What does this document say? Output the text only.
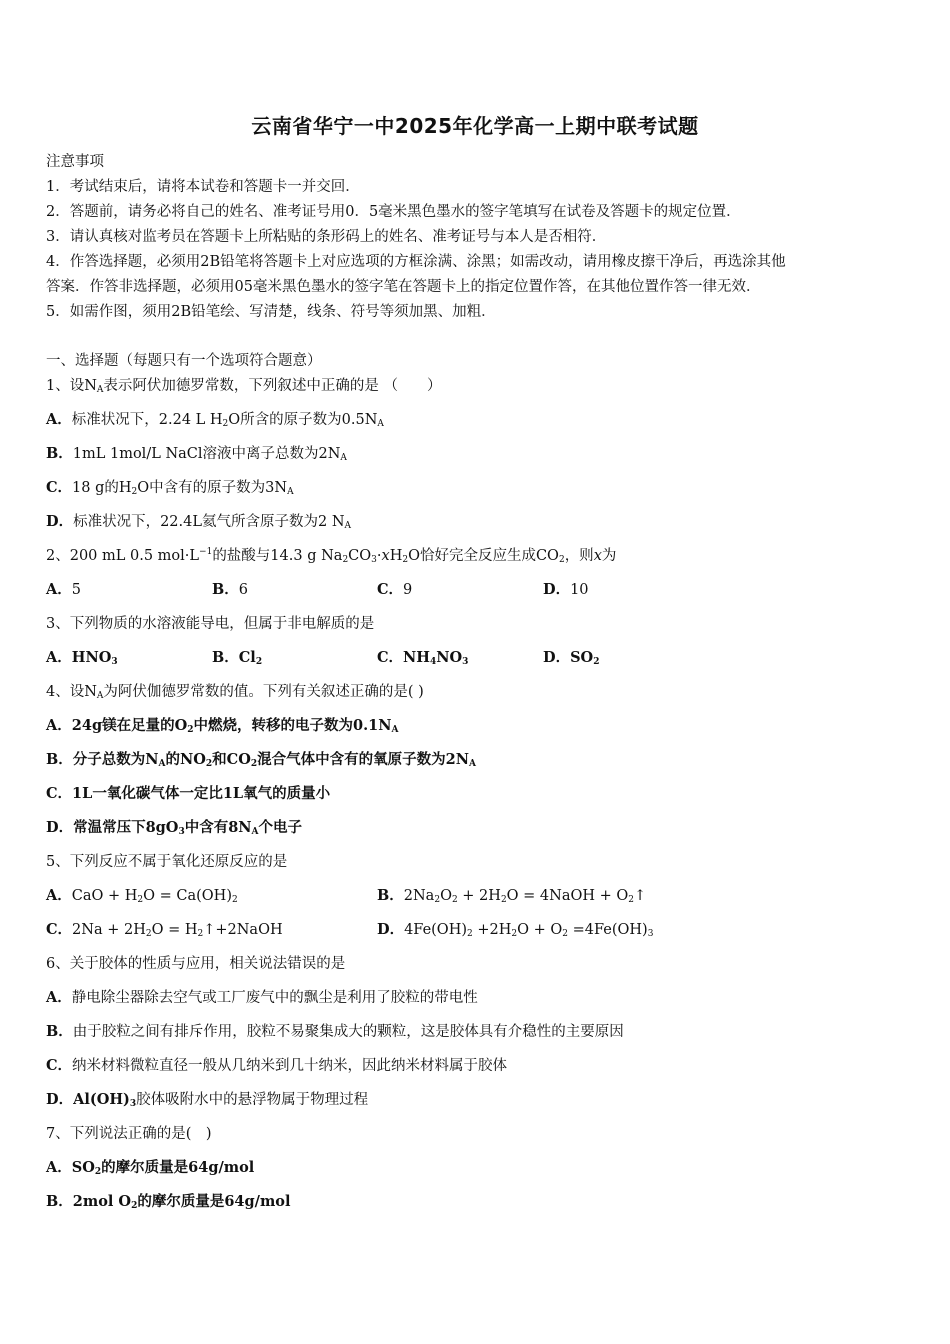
云南省华宁一中2025年化学高一上期中联考试题
注意事项
1．考试结束后，请将本试卷和答题卡一并交回．
2．答题前，请务必将自己的姓名、准考证号用0．5毫米黑色墨水的签字笔填写在试卷及答题卡的规定位置．
3．请认真核对监考员在答题卡上所粘贴的条形码上的姓名、准考证号与本人是否相符．
4．作答选择题，必须用2B铅笔将答题卡上对应选项的方框涂满、涂黑；如需改动，请用橡皮擦干净后，再选涂其他
答案．作答非选择题，必须用05毫米黑色墨水的签字笔在答题卡上的指定位置作答，在其他位置作答一律无效．
5．如需作图，须用2B铅笔绘、写清楚，线条、符号等须加黑、加粗．
一、选择题（每题只有一个选项符合题意）
1、设$N_A$表示阿伏加德罗常数，下列叙述中正确的是 （　　）
A．标准状况下，2.24 L $H_2O$所含的原子数为$0.5N_A$
B．1mL 1mol/L NaCl溶液中离子总数为$2N_A$
C．18 g的$H_2O$中含有的原子数为$3N_A$
D．标准状况下，22.4L氦气所含原子数为2 $N_A$
2、200 mL 0.5 $mol\cdot L^{-1}$的盐酸与14.3 g $Na_2CO_3\cdot xH_2O$恰好完全反应生成$CO_2$，则x为
A．5	B．6	C．9	D．10
3、下列物质的水溶液能导电，但属于非电解质的是
A．$HNO_3$	B．$Cl_2$	C．$NH_4NO_3$	D．$SO_2$
4、设$N_A$为阿伏伽德罗常数的值。下列有关叙述正确的是( )
A．24g镁在足量的$O_2$中燃烧，转移的电子数为$0.1N_A$
B．分子总数为$N_A$的$NO_2$和$CO_2$混合气体中含有的氧原子数为$2N_A$
C．1L一氧化碳气体一定比1L氧气的质量小
D．常温常压下$8gO_3$中含有$8N_A$个电子
5、下列反应不属于氧化还原反应的是
A．CaO + $H_2O = Ca(OH)_2$	B．$2Na_2O_2 + 2H_2O$ = 4NaOH + $O_2↑$
C．$2Na + 2H_2O$ = $H_2↑+2NaOH$	D．$4Fe(OH)_2 +2H_2O + O_2 =4Fe(OH)_3$
6、关于胶体的性质与应用，相关说法错误的是
A．静电除尘器除去空气或工厂废气中的飘尘是利用了胶粒的带电性
B．由于胶粒之间有排斥作用，胶粒不易聚集成大的颗粒，这是胶体具有介稳性的主要原因
C．纳米材料微粒直径一般从几纳米到几十纳米，因此纳米材料属于胶体
D．$Al(OH)_3$胶体吸附水中的悬浮物属于物理过程
7、下列说法正确的是(　)
A．$SO_2$的摩尔质量是64g/mol
B．2mol $O_2$的摩尔质量是64g/mol
